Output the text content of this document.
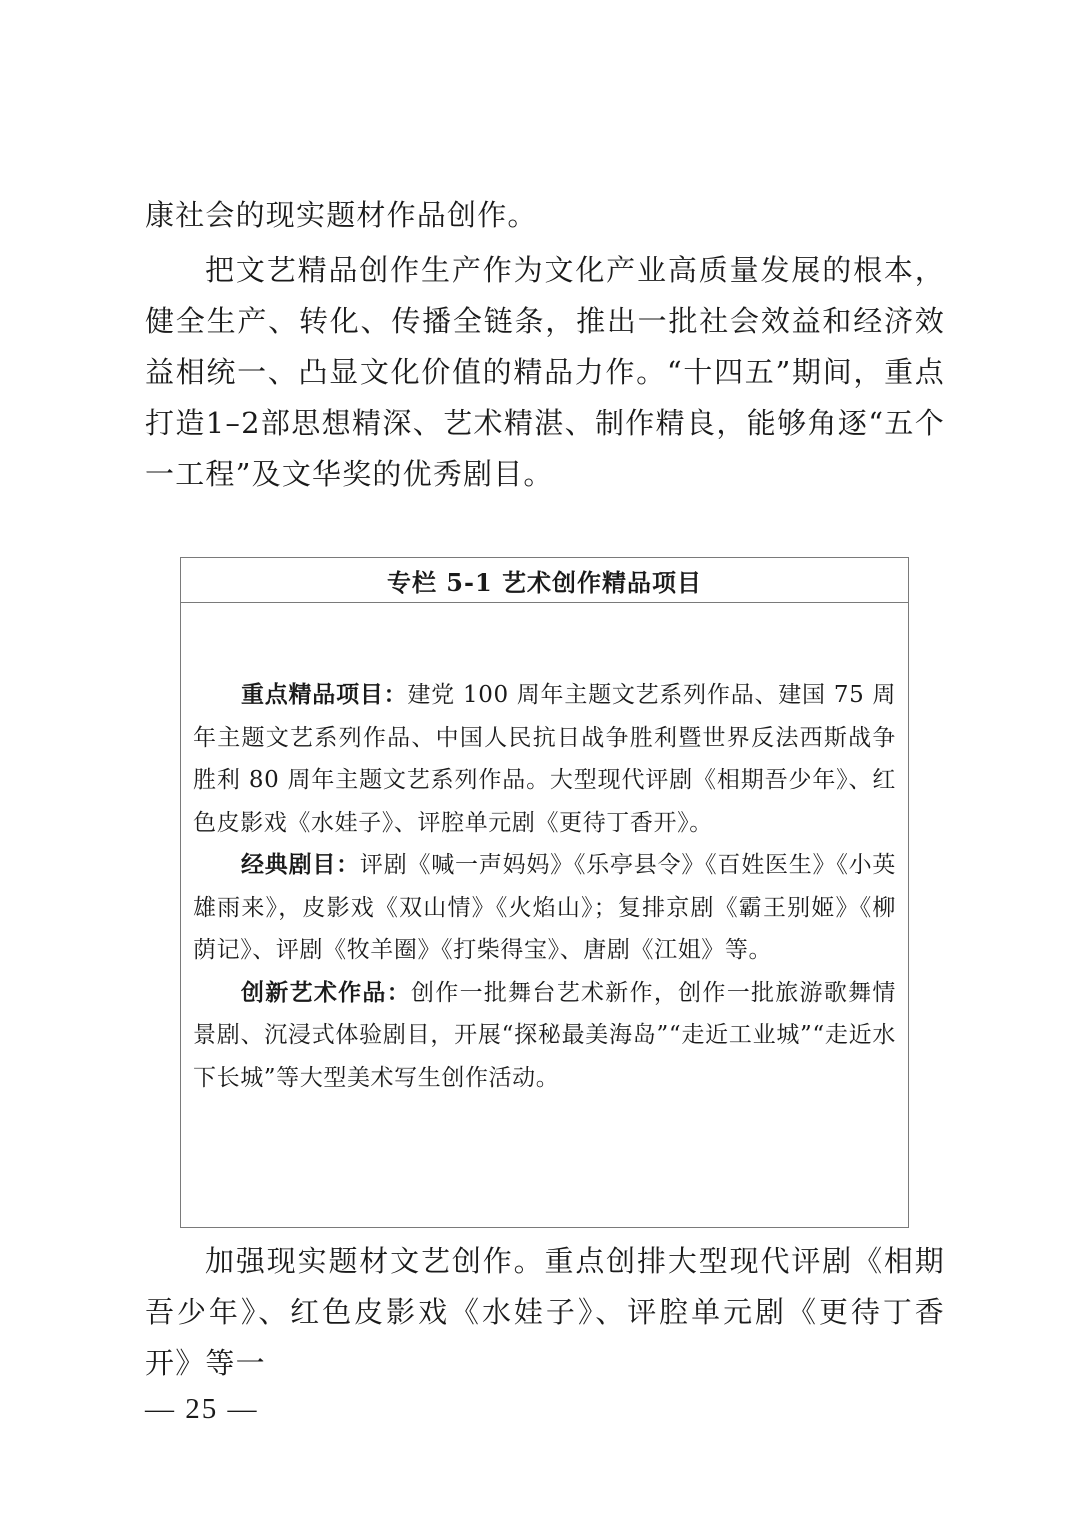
康社会的现实题材作品创作。

把文艺精品创作生产作为文化产业高质量发展的根本，健全生产、转化、传播全链条，推出一批社会效益和经济效益相统一、凸显文化价值的精品力作。“十四五”期间，重点打造1–2部思想精深、艺术精湛、制作精良，能够角逐“五个一工程”及文华奖的优秀剧目。

专栏 5-1 艺术创作精品项目

重点精品项目：建党 100 周年主题文艺系列作品、建国 75 周年主题文艺系列作品、中国人民抗日战争胜利暨世界反法西斯战争胜利 80 周年主题文艺系列作品。大型现代评剧《相期吾少年》、红色皮影戏《水娃子》、评腔单元剧《更待丁香开》。

经典剧目：评剧《喊一声妈妈》《乐亭县令》《百姓医生》《小英雄雨来》，皮影戏《双山情》《火焰山》；复排京剧《霸王别姬》《柳荫记》、评剧《牧羊圈》《打柴得宝》、唐剧《江姐》等。

创新艺术作品：创作一批舞台艺术新作，创作一批旅游歌舞情景剧、沉浸式体验剧目，开展“探秘最美海岛”“走近工业城”“走近水下长城”等大型美术写生创作活动。

加强现实题材文艺创作。重点创排大型现代评剧《相期吾少年》、红色皮影戏《水娃子》、评腔单元剧《更待丁香开》等一

— 25 —
